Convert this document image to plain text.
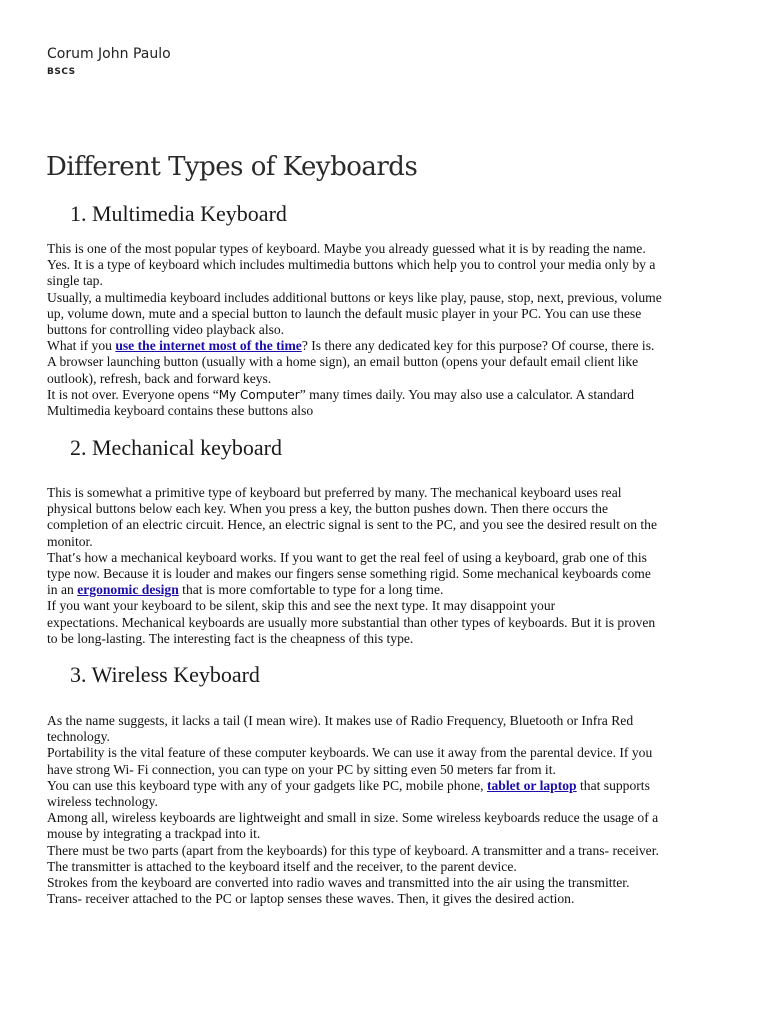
Corum John Paulo
BSCS
Different Types of Keyboards
1. Multimedia Keyboard
This is one of the most popular types of keyboard. Maybe you already guessed what it is by reading the name.
Yes. It is a type of keyboard which includes multimedia buttons which help you to control your media only by a
single tap.
Usually, a multimedia keyboard includes additional buttons or keys like play, pause, stop, next, previous, volume
up, volume down, mute and a special button to launch the default music player in your PC. You can use these
buttons for controlling video playback also.
What if you use the internet most of the time? Is there any dedicated key for this purpose? Of course, there is.
A browser launching button (usually with a home sign), an email button (opens your default email client like
outlook), refresh, back and forward keys.
It is not over. Everyone opens “My Computer” many times daily. You may also use a calculator. A standard
Multimedia keyboard contains these buttons also
2. Mechanical keyboard
This is somewhat a primitive type of keyboard but preferred by many. The mechanical keyboard uses real
physical buttons below each key. When you press a key, the button pushes down. Then there occurs the
completion of an electric circuit. Hence, an electric signal is sent to the PC, and you see the desired result on the
monitor.
That’s how a mechanical keyboard works. If you want to get the real feel of using a keyboard, grab one of this
type now. Because it is louder and makes our fingers sense something rigid. Some mechanical keyboards come
in an ergonomic design that is more comfortable to type for a long time.
If you want your keyboard to be silent, skip this and see the next type. It may disappoint your
expectations. Mechanical keyboards are usually more substantial than other types of keyboards. But it is proven
to be long-lasting. The interesting fact is the cheapness of this type.
3. Wireless Keyboard
As the name suggests, it lacks a tail (I mean wire). It makes use of Radio Frequency, Bluetooth or Infra Red
technology.
Portability is the vital feature of these computer keyboards. We can use it away from the parental device. If you
have strong Wi- Fi connection, you can type on your PC by sitting even 50 meters far from it.
You can use this keyboard type with any of your gadgets like PC, mobile phone, tablet or laptop that supports
wireless technology.
Among all, wireless keyboards are lightweight and small in size. Some wireless keyboards reduce the usage of a
mouse by integrating a trackpad into it.
There must be two parts (apart from the keyboards) for this type of keyboard. A transmitter and a trans- receiver.
The transmitter is attached to the keyboard itself and the receiver, to the parent device.
Strokes from the keyboard are converted into radio waves and transmitted into the air using the transmitter.
Trans- receiver attached to the PC or laptop senses these waves. Then, it gives the desired action.
